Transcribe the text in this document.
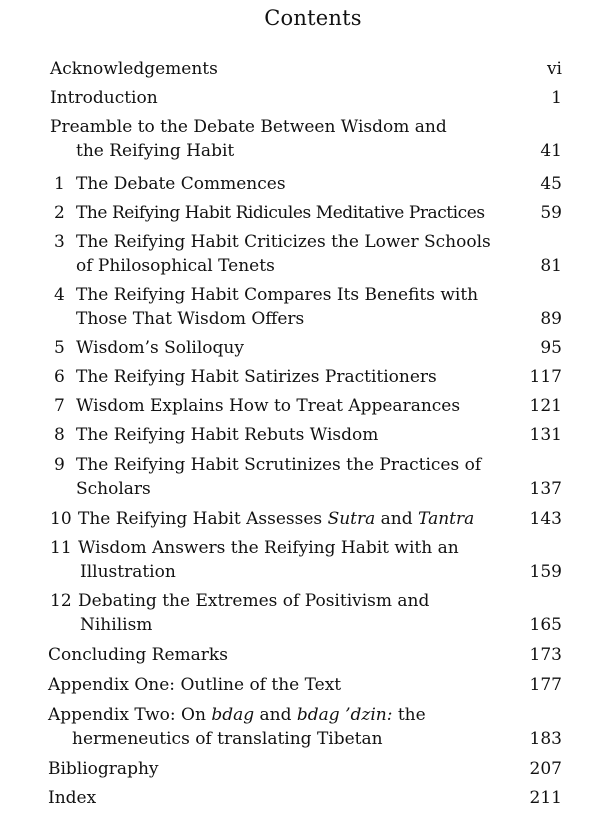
Contents
Acknowledgements	vi
Introduction	1
Preamble to the Debate Between Wisdom and
the Reifying Habit	41
1 The Debate Commences	45
2 The Reifying Habit Ridicules Meditative Practices	59
3 The Reifying Habit Criticizes the Lower Schools
of Philosophical Tenets	81
4 The Reifying Habit Compares Its Benefits with
Those That Wisdom Offers	89
5 Wisdom’s Soliloquy	95
6 The Reifying Habit Satirizes Practitioners	117
7 Wisdom Explains How to Treat Appearances	121
8 The Reifying Habit Rebuts Wisdom	131
9 The Reifying Habit Scrutinizes the Practices of
Scholars	137
10 The Reifying Habit Assesses Sutra and Tantra	143
11 Wisdom Answers the Reifying Habit with an
Illustration	159
12 Debating the Extremes of Positivism and
Nihilism	165
Concluding Remarks	173
Appendix One: Outline of the Text	177
Appendix Two: On bdag and bdag ’dzin: the
hermeneutics of translating Tibetan	183
Bibliography	207
Index	211
